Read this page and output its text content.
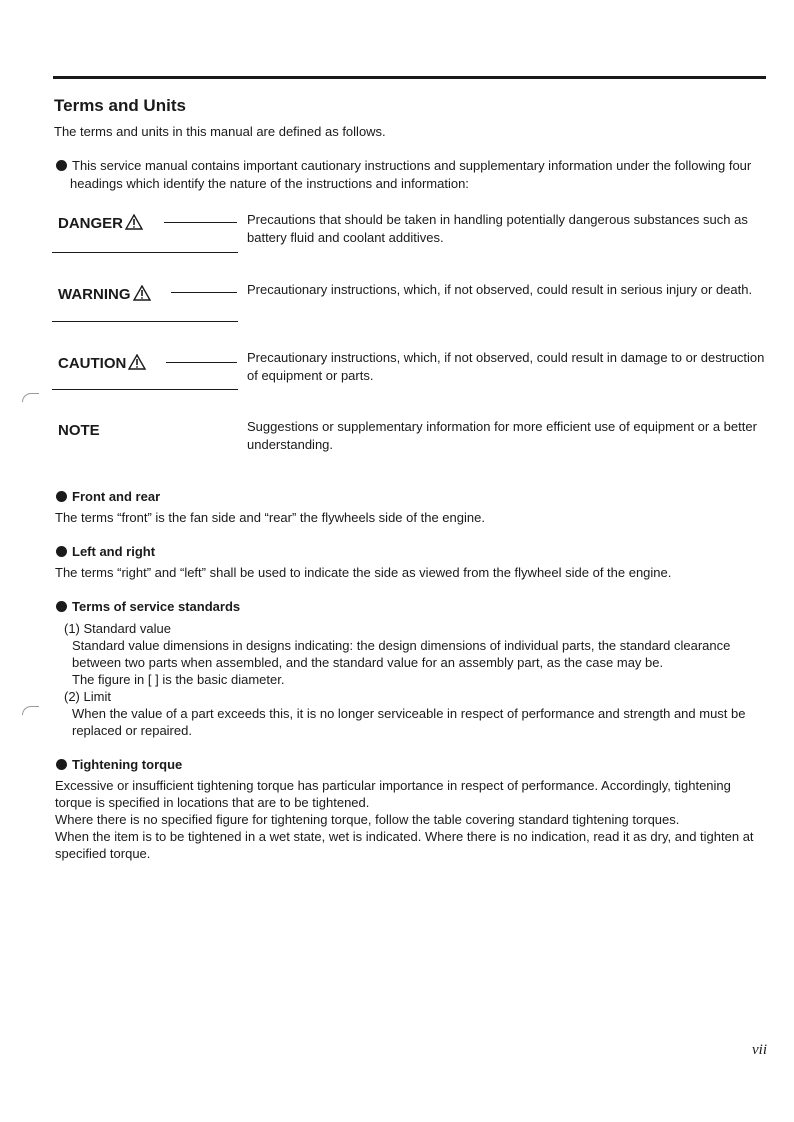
Terms and Units
The terms and units in this manual are defined as follows.
This service manual contains important cautionary instructions and supplementary information under the following four
headings which identify the nature of the instructions and information:
DANGER	Precautions that should be taken in handling potentially dangerous substances such as
battery fluid and coolant additives.
WARNING	Precautionary instructions, which, if not observed, could result in serious injury or death.
CAUTION	Precautionary instructions, which, if not observed, could result in damage to or destruction
of equipment or parts.
NOTE	Suggestions or supplementary information for more efficient use of equipment or a better
understanding.
Front and rear
The terms “front” is the fan side and “rear” the flywheels side of the engine.
Left and right
The terms “right” and “left” shall be used to indicate the side as viewed from the flywheel side of the engine.
Terms of service standards
(1) Standard value
Standard value dimensions in designs indicating: the design dimensions of individual parts, the standard clearance
between two parts when assembled, and the standard value for an assembly part, as the case may be.
The figure in [ ] is the basic diameter.
(2) Limit
When the value of a part exceeds this, it is no longer serviceable in respect of performance and strength and must be
replaced or repaired.
Tightening torque
Excessive or insufficient tightening torque has particular importance in respect of performance. Accordingly, tightening
torque is specified in locations that are to be tightened.
Where there is no specified figure for tightening torque, follow the table covering standard tightening torques.
When the item is to be tightened in a wet state, wet is indicated. Where there is no indication, read it as dry, and tighten at
specified torque.
vii
